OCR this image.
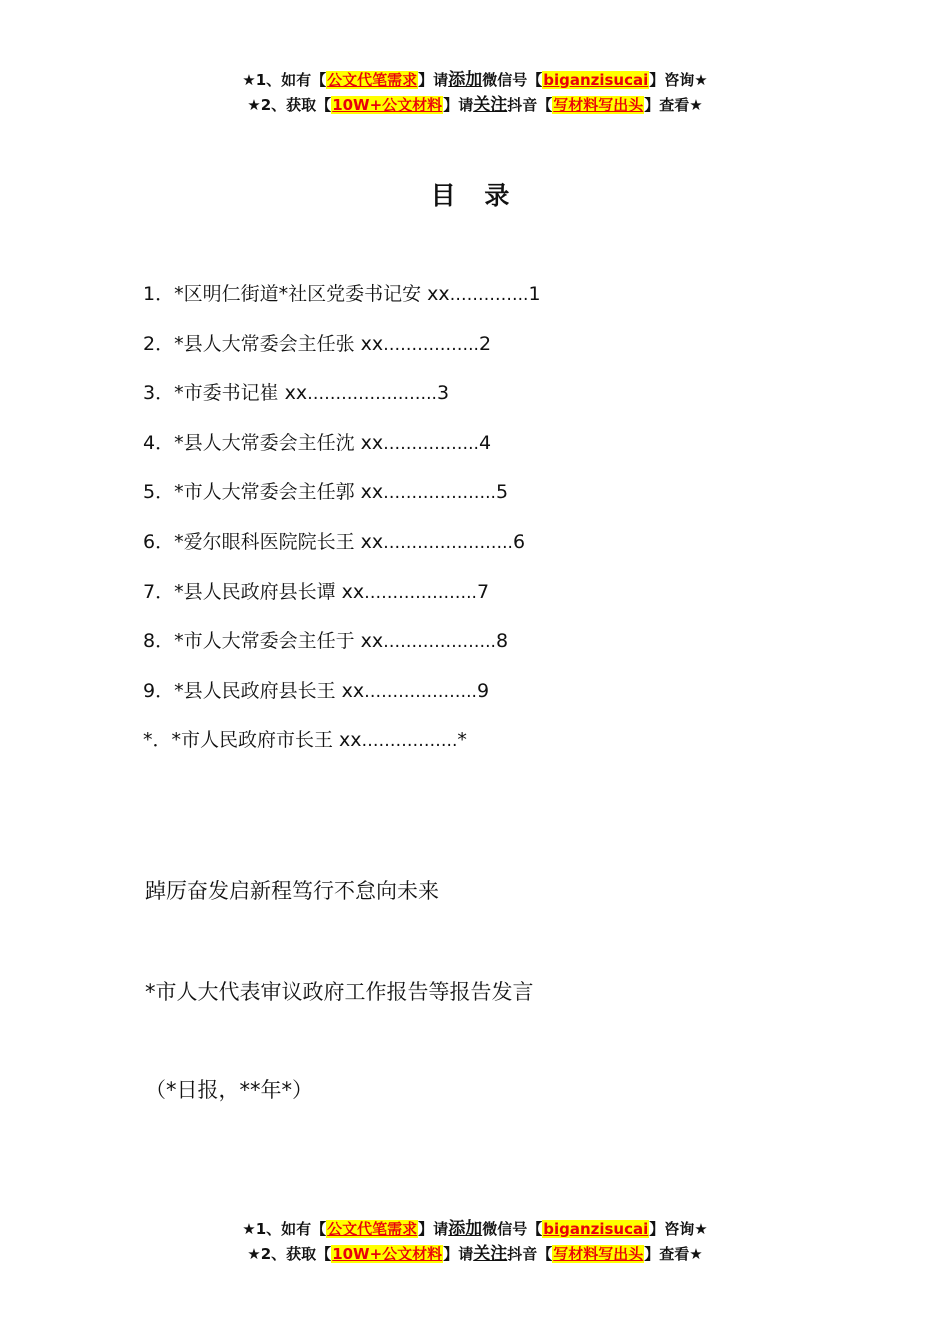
★1、如有【公文代笔需求】请添加微信号【biganzisucai】咨询★
★2、获取【10W+公文材料】请关注抖音【写材料写出头】查看★
目 录
1．*区明仁街道*社区党委书记安 xx…………..1
2．*县人大常委会主任张 xx……………..2
3．*市委书记崔 xx…………………..3
4．*县人大常委会主任沈 xx……………..4
5．*市人大常委会主任郭 xx………………..5
6．*爱尔眼科医院院长王 xx…………………..6
7．*县人民政府县长谭 xx………………..7
8．*市人大常委会主任于 xx………………..8
9．*县人民政府县长王 xx………………..9
*．*市人民政府市长王 xx……………..*
踔厉奋发启新程笃行不怠向未来
*市人大代表审议政府工作报告等报告发言
（*日报，**年*）
★1、如有【公文代笔需求】请添加微信号【biganzisucai】咨询★
★2、获取【10W+公文材料】请关注抖音【写材料写出头】查看★
